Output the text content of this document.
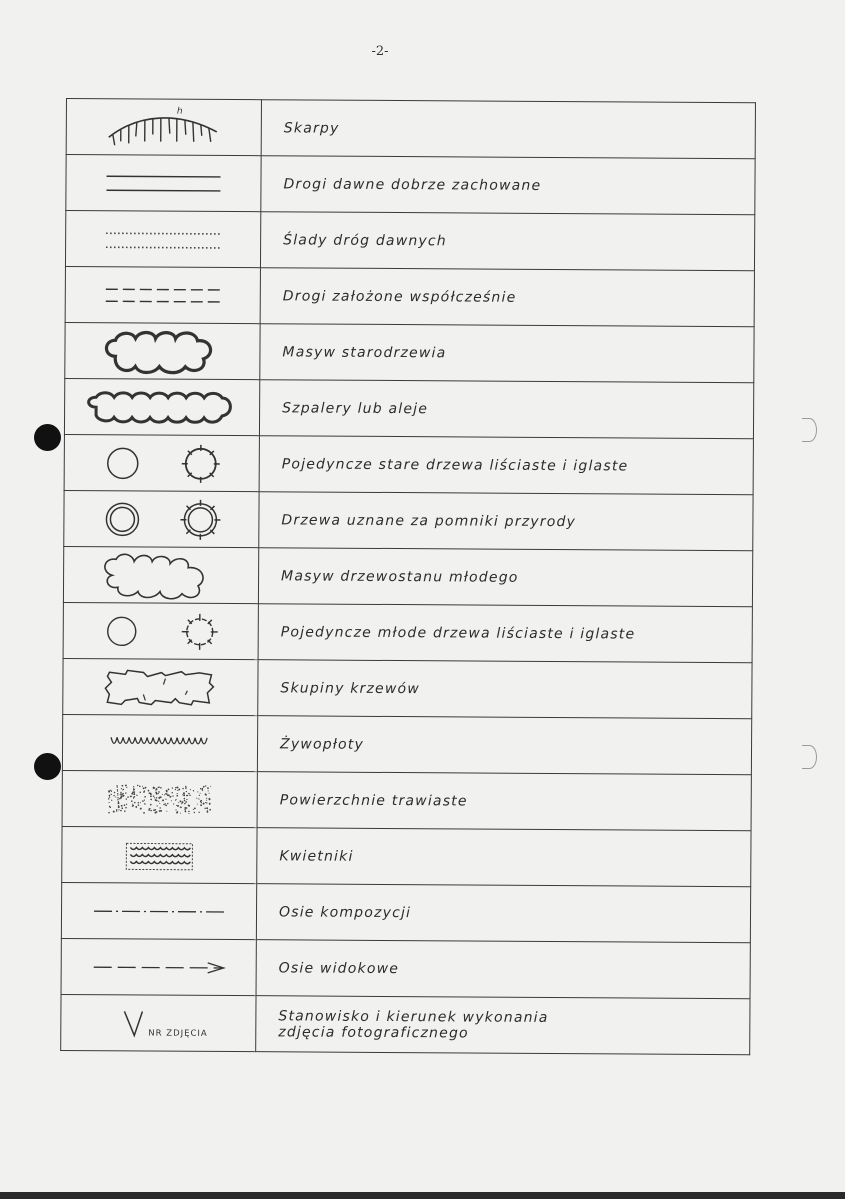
-2-
h	Skarpy

	Drogi dawne dobrze zachowane

	Ślady dróg dawnych

	Drogi założone współcześnie

	Masyw starodrzewia

	Szpalery lub aleje

	Pojedyncze stare drzewa liściaste i iglaste

	Drzewa uznane za pomniki przyrody

	Masyw drzewostanu młodego

	Pojedyncze młode drzewa liściaste i iglaste

	Skupiny krzewów

	Żywopłoty

	Powierzchnie trawiaste

	Kwietniki

	Osie kompozycji

	Osie widokowe

NR ZDJĘCIA	Stanowisko i kierunek wykonania
zdjęcia fotograficznego
